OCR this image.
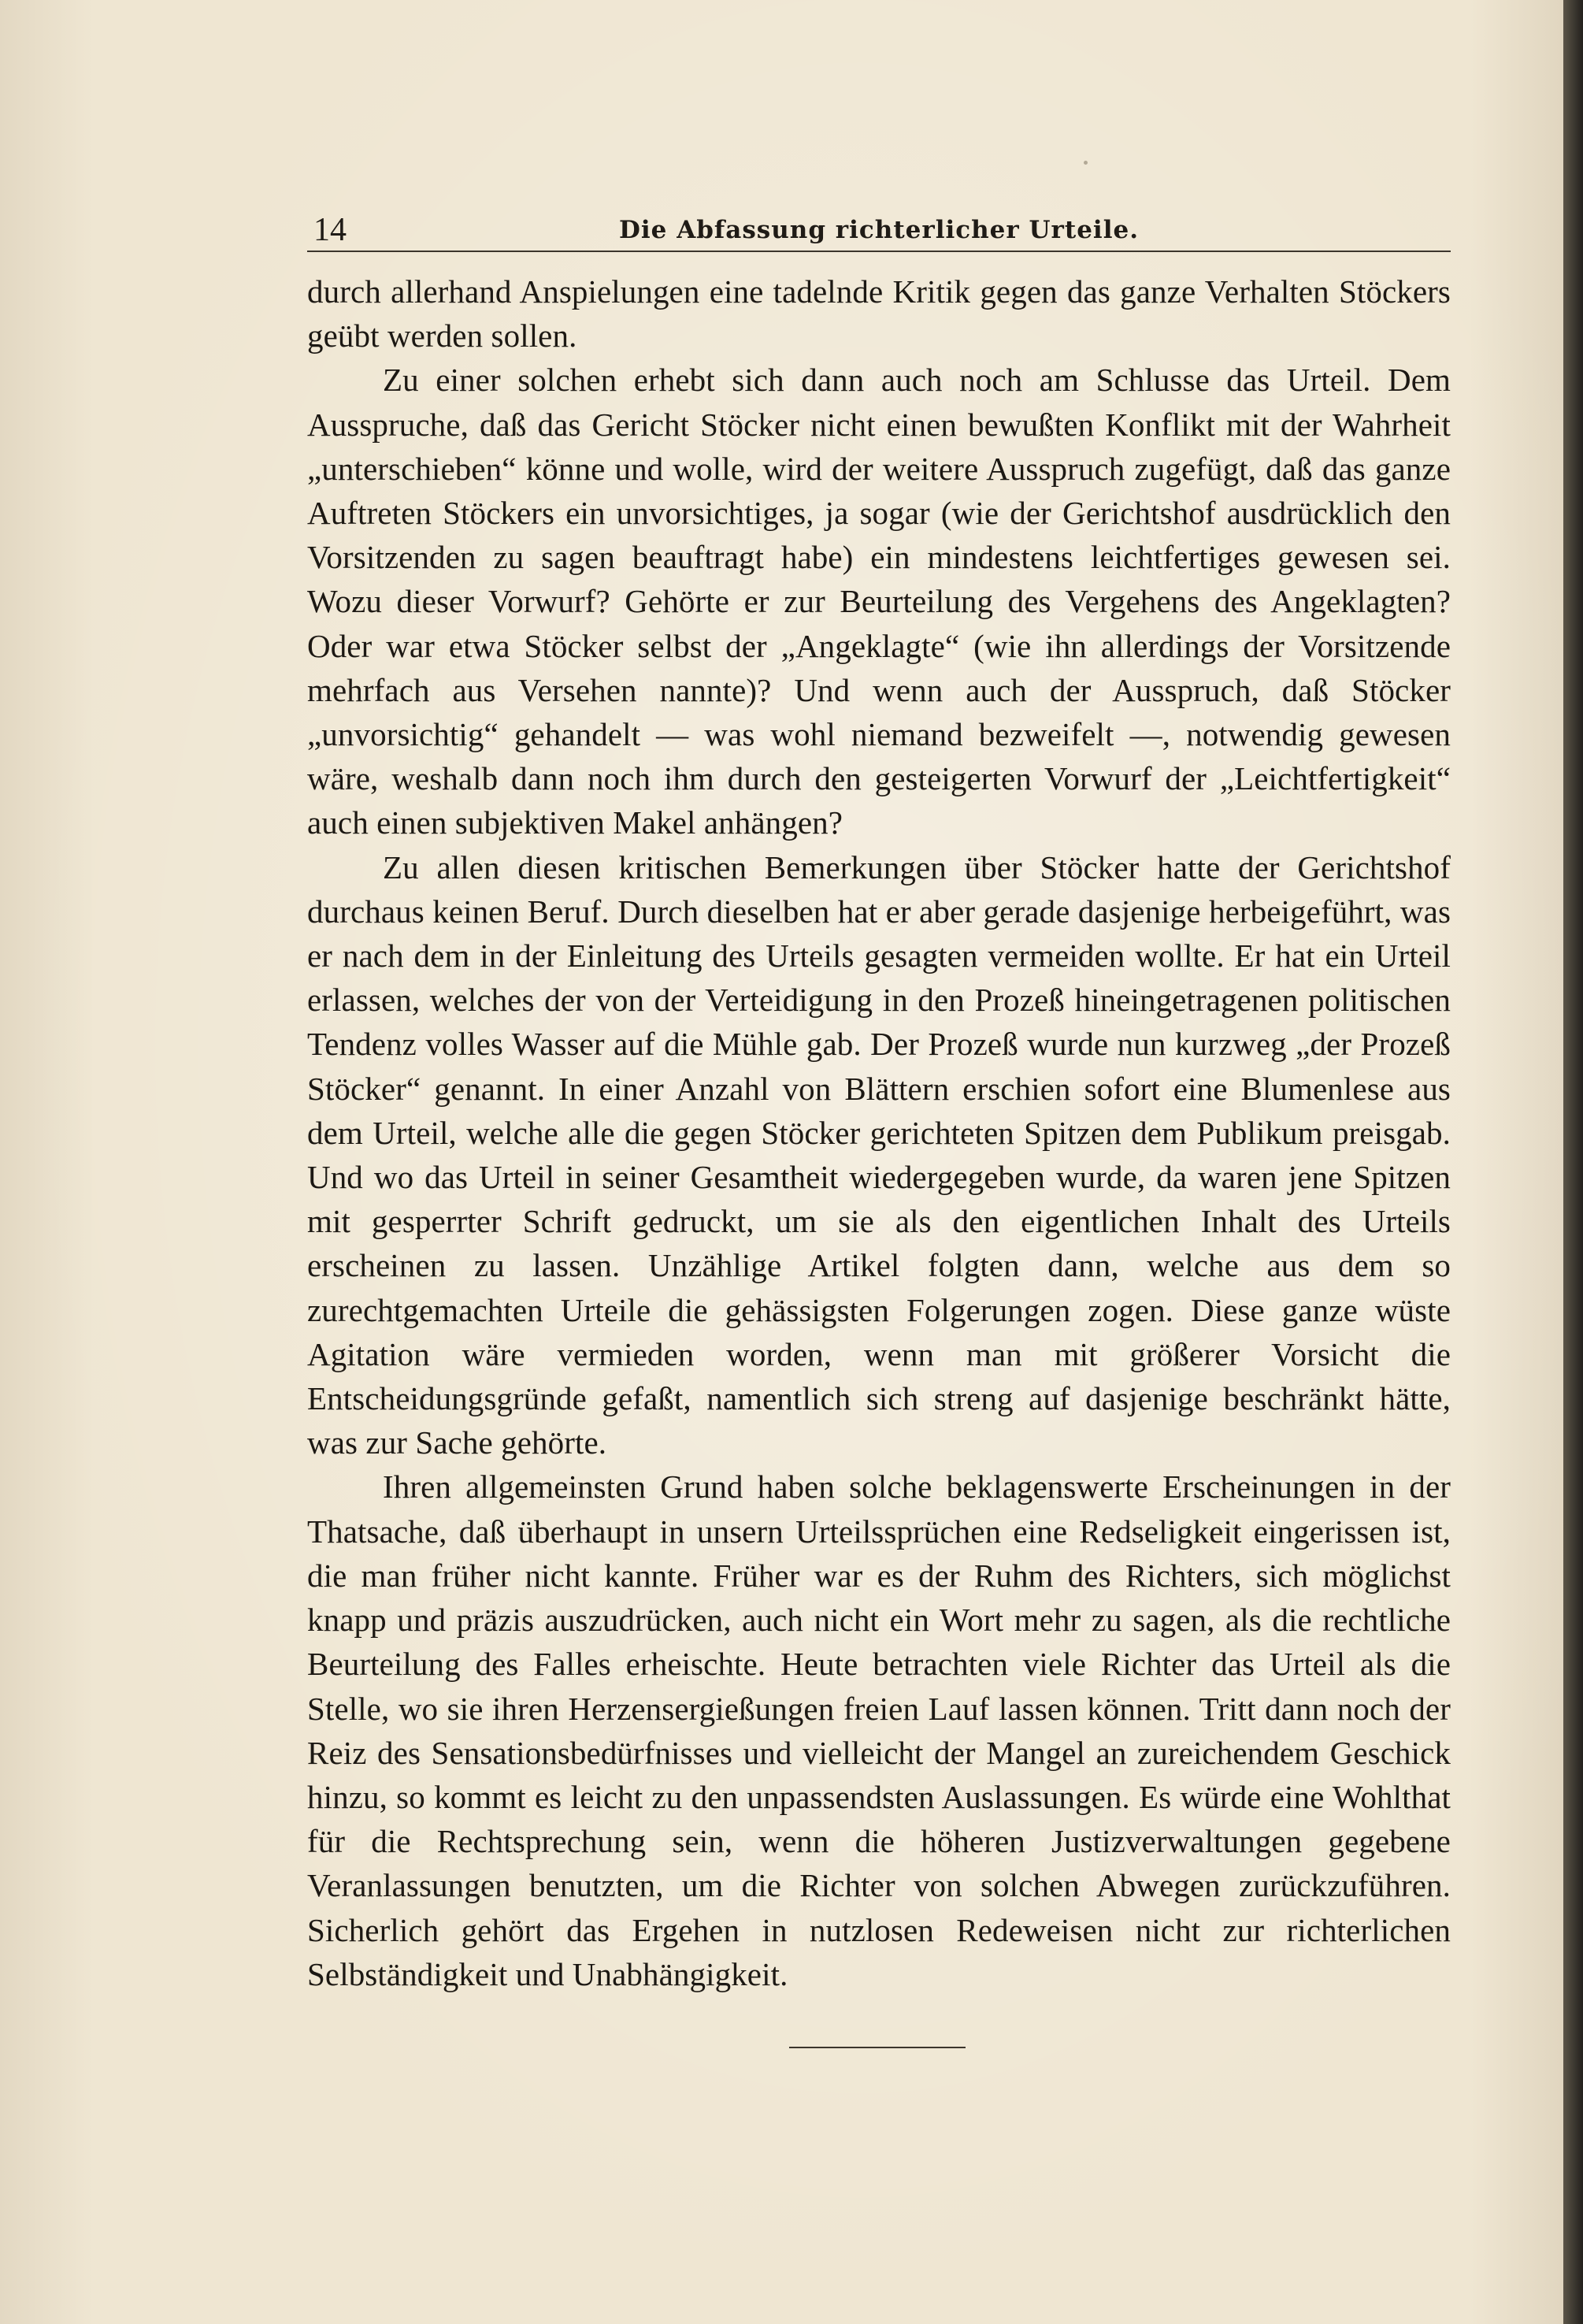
14	Die Abfassung richterlicher Urteile.

durch allerhand Anspielungen eine tadelnde Kritik gegen das ganze Verhalten Stöckers geübt werden sollen.

Zu einer solchen erhebt sich dann auch noch am Schlusse das Urteil. Dem Ausspruche, daß das Gericht Stöcker nicht einen bewußten Konflikt mit der Wahrheit „unterschieben“ könne und wolle, wird der weitere Ausspruch zugefügt, daß das ganze Auftreten Stöckers ein unvorsichtiges, ja sogar (wie der Gerichtshof ausdrücklich den Vorsitzenden zu sagen beauftragt habe) ein mindestens leichtfertiges gewesen sei. Wozu dieser Vorwurf? Gehörte er zur Beurteilung des Vergehens des Angeklagten? Oder war etwa Stöcker selbst der „Angeklagte“ (wie ihn allerdings der Vorsitzende mehrfach aus Versehen nannte)? Und wenn auch der Ausspruch, daß Stöcker „unvorsichtig“ gehandelt — was wohl niemand bezweifelt —, notwendig gewesen wäre, weshalb dann noch ihm durch den gesteigerten Vorwurf der „Leichtfertigkeit“ auch einen subjektiven Makel anhängen?

Zu allen diesen kritischen Bemerkungen über Stöcker hatte der Gerichtshof durchaus keinen Beruf. Durch dieselben hat er aber gerade dasjenige herbeigeführt, was er nach dem in der Einleitung des Urteils gesagten vermeiden wollte. Er hat ein Urteil erlassen, welches der von der Verteidigung in den Prozeß hineingetragenen politischen Tendenz volles Wasser auf die Mühle gab. Der Prozeß wurde nun kurzweg „der Prozeß Stöcker“ genannt. In einer Anzahl von Blättern erschien sofort eine Blumenlese aus dem Urteil, welche alle die gegen Stöcker gerichteten Spitzen dem Publikum preisgab. Und wo das Urteil in seiner Gesamtheit wiedergegeben wurde, da waren jene Spitzen mit gesperrter Schrift gedruckt, um sie als den eigentlichen Inhalt des Urteils erscheinen zu lassen. Unzählige Artikel folgten dann, welche aus dem so zurechtgemachten Urteile die gehässigsten Folgerungen zogen. Diese ganze wüste Agitation wäre vermieden worden, wenn man mit größerer Vorsicht die Entscheidungsgründe gefaßt, namentlich sich streng auf dasjenige beschränkt hätte, was zur Sache gehörte.

Ihren allgemeinsten Grund haben solche beklagenswerte Erscheinungen in der Thatsache, daß überhaupt in unsern Urteilssprüchen eine Redseligkeit eingerissen ist, die man früher nicht kannte. Früher war es der Ruhm des Richters, sich möglichst knapp und präzis auszudrücken, auch nicht ein Wort mehr zu sagen, als die rechtliche Beurteilung des Falles erheischte. Heute betrachten viele Richter das Urteil als die Stelle, wo sie ihren Herzensergießungen freien Lauf lassen können. Tritt dann noch der Reiz des Sensationsbedürfnisses und vielleicht der Mangel an zureichendem Geschick hinzu, so kommt es leicht zu den unpassendsten Auslassungen. Es würde eine Wohlthat für die Rechtsprechung sein, wenn die höheren Justizverwaltungen gegebene Veranlassungen benutzten, um die Richter von solchen Abwegen zurückzuführen. Sicherlich gehört das Ergehen in nutzlosen Redeweisen nicht zur richterlichen Selbständigkeit und Unabhängigkeit.
